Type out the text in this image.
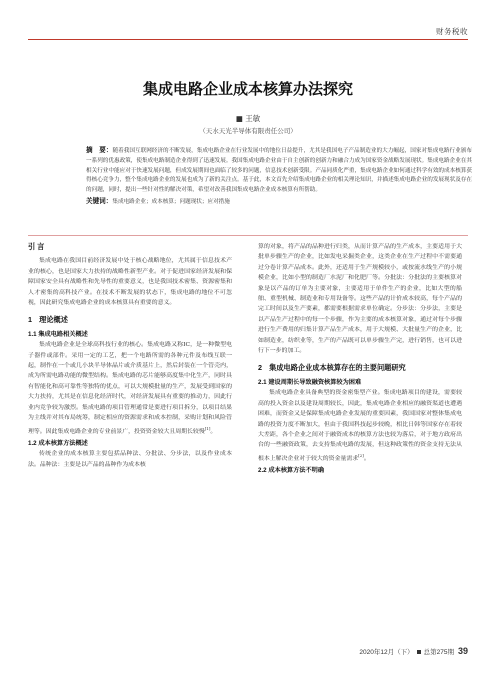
财务税收
集成电路企业成本核算办法探究
■ 王敏
（天水天光半导体有限责任公司）
摘　要：随着我国互联网经济的不断发展，集成电路企业在行业发展中的地位日益提升，尤其是我国电子产品制造业的大力崛起，国家对集成电路行业颁布一系列的优惠政策，使集成电路制造企业得到了迅速发展。我国集成电路企业由于自主创新的创新力和融合力成为国家资金战略发展现状。集成电路企业在其相关行业中能应对于快速发展问题，但成发展期间也面临了较多的问题，信息技术创新受限。产品同质化严重，集成电路企业如何通过科学有效的成本核算获得核心竞争力，整个集成电路企业的发展也成为了新的关注点。基于此，本文首先介绍集成电路企业的相关理论知识，并描述集成电路企业的发展现状及存在的问题，同时，提出一些针对性的解决对策，希望对改善我国集成电路企业成本核算有所帮助。
关键词：集成电路企业；成本核算；问题现状；应对措施
引 言

集成电路在我国目前经济发展中处于核心战略地位，尤其属于信息技术产业的核心，也是国家大力扶持的战略性新型产业。对于促进国家经济发展和保障国家安全具有战略性和先导性的重要意义，也是我国技术密集、资源密集和人才密集的高科技产业。在技术不断发展的状态下，集成电路的地位不可忽视，因此研究集成电路企业的成本核算具有重要的意义。

1　理论概述
1.1 集成电路相关概述

集成电路企业是全球高科技行业的核心。集成电路又称IC，是一种微型电子器件或部件。采用一定的工艺，把一个电路所需的各种元件及布线互联一起，制作在一个或几小块半导体晶片或介质基片上，然后封装在一个管壳内，成为所需电路功能的微型结构。集成电路的芯片能够高度集中化生产，同时具有智能化和高可靠性等独特的优点，可以大规模批量的生产，发展受到国家的大力扶持，尤其是在信息化经济时代，对经济发展具有重要的推动力，因此行业内竞争较为激烈。集成电路的项目管理通常是要进行项目拆分，以项目结果为主线并对其布局统筹，制定相应的资源需求和成本控制，采购计划和风险管理等。因此集成电路企业的专业前景广，投资资金较大且周期长较慢[1]。

1.2 成本核算方法概述

传统企业的成本核算主要包括品种法、分批法、分步法，以及作业成本法。品种法：主要是以产品的品种作为成本核

算的对象，将产品的品种进行归类，从而计算产品的生产成本，主要适用于大批单步骤生产的企业，比如发电采掘类企业，这类企业在生产过程中不需要通过分卷计算产品成本。此外，还适用于生产规模较小，或按流水线生产的小规模企业，比如小型的制造厂水泥厂和化肥厂等。分批法：分批法的主要核算对象是以产品的订单为主要对象，主要适用于单件生产的企业，比如大型的船舶、重型机械、制造业和专用设备等。这些产品的计价成本较高，每个产品的完工时间以及生产要素，都需要根据需求单位确定。分步法：分步法，主要是以产品生产过程中的每一个步骤，作为主要的成本核算对象，通过对每个步骤进行生产费用的归集计算产品生产成本，用于大规模、大批量生产的企业，比如制造业，纺织业等，生产的产品既可以单步骤生产完，进行销售，也可以进行下一步的加工。

2　集成电路企业成本核算存在的主要问题研究
2.1 建设周期长导致融资核算较为困难

集成电路企业具备典型的资金密集型产业。集成电路项目的建设，需要较高的投入资金以及建设周期较长，因此，集成电路企业相应的融资渠道也遭遇困难，而资金又是保障集成电路企业发展的重要因素，我国国家对整体集成电路的投资力度不断加大，但由于我国科技起步较晚，相比日韩等国家存在着较大差距，各个企业之间对于融资成本的核算方法也较为落后，对于地方政府出台的一些融资政策，去支持集成电路的发展，但这种政策性的资金支持无法从根本上解决企业对于较大的资金量需求[2]。

2.2 成本核算方法不明确
2020年12月（下） 总第275期 39
